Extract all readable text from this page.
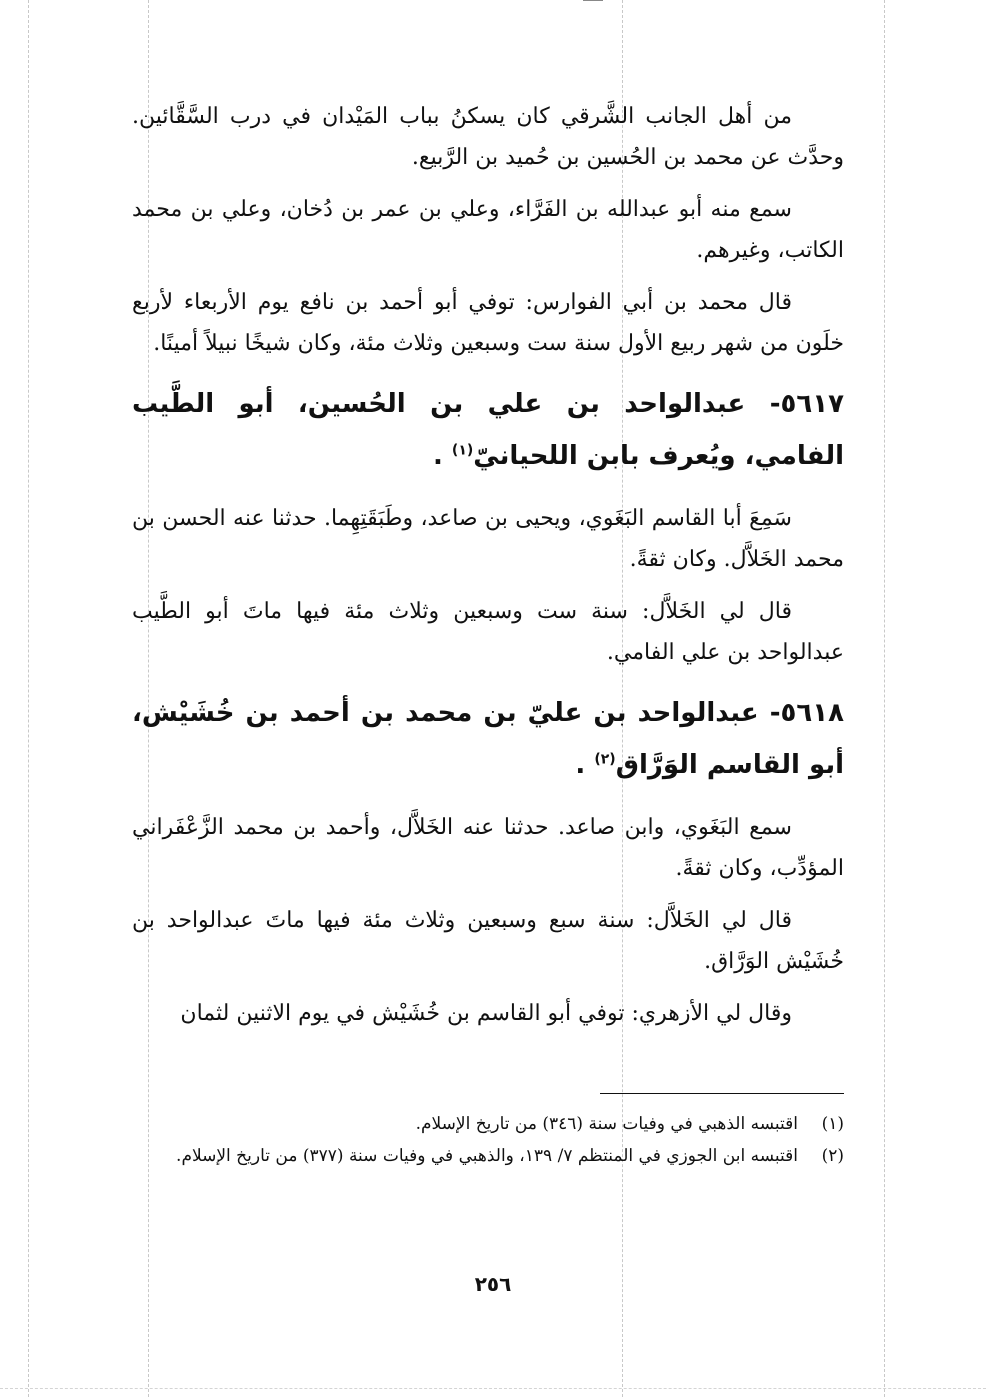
من أهل الجانب الشَّرقي كان يسكنُ بباب المَيْدان في درب السَّقَّائين. وحدَّث عن محمد بن الحُسين بن حُميد بن الرَّبيع.

سمع منه أبو عبدالله بن الفَرَّاء، وعلي بن عمر بن دُخان، وعلي بن محمد الكاتب، وغيرهم.

قال محمد بن أبي الفوارس: توفي أبو أحمد بن نافع يوم الأربعاء لأربع خلَون من شهر ربيع الأول سنة ست وسبعين وثلاث مئة، وكان شيخًا نبيلاً أمينًا.

٥٦١٧- عبدالواحد بن علي بن الحُسين، أبو الطَّيب الفامي، ويُعرف بابن اللحيانيّ$^{(١)}$ .

سَمِعَ أبا القاسم البَغَوي، ويحيى بن صاعد، وطَبَقَتِهِما. حدثنا عنه الحسن بن محمد الخَلاَّل. وكان ثقةً.

قال لي الخَلاَّل: سنة ست وسبعين وثلاث مئة فيها ماتَ أبو الطَّيب عبدالواحد بن علي الفامي.

٥٦١٨- عبدالواحد بن عليّ بن محمد بن أحمد بن خُشَيْش، أبو القاسم الوَرَّاق$^{(٢)}$ .

سمع البَغَوي، وابن صاعد. حدثنا عنه الخَلاَّل، وأحمد بن محمد الزَّعْفَراني المؤدِّب، وكان ثقةً.

قال لي الخَلاَّل: سنة سبع وسبعين وثلاث مئة فيها ماتَ عبدالواحد بن خُشَيْش الوَرَّاق.

وقال لي الأزهري: توفي أبو القاسم بن خُشَيْش في يوم الاثنين لثمان

(١)
اقتبسه الذهبي في وفيات سنة (٣٤٦) من تاريخ الإسلام.
(٢)
اقتبسه ابن الجوزي في المنتظم ٧/ ١٣٩، والذهبي في وفيات سنة (٣٧٧) من تاريخ الإسلام.
٢٥٦
